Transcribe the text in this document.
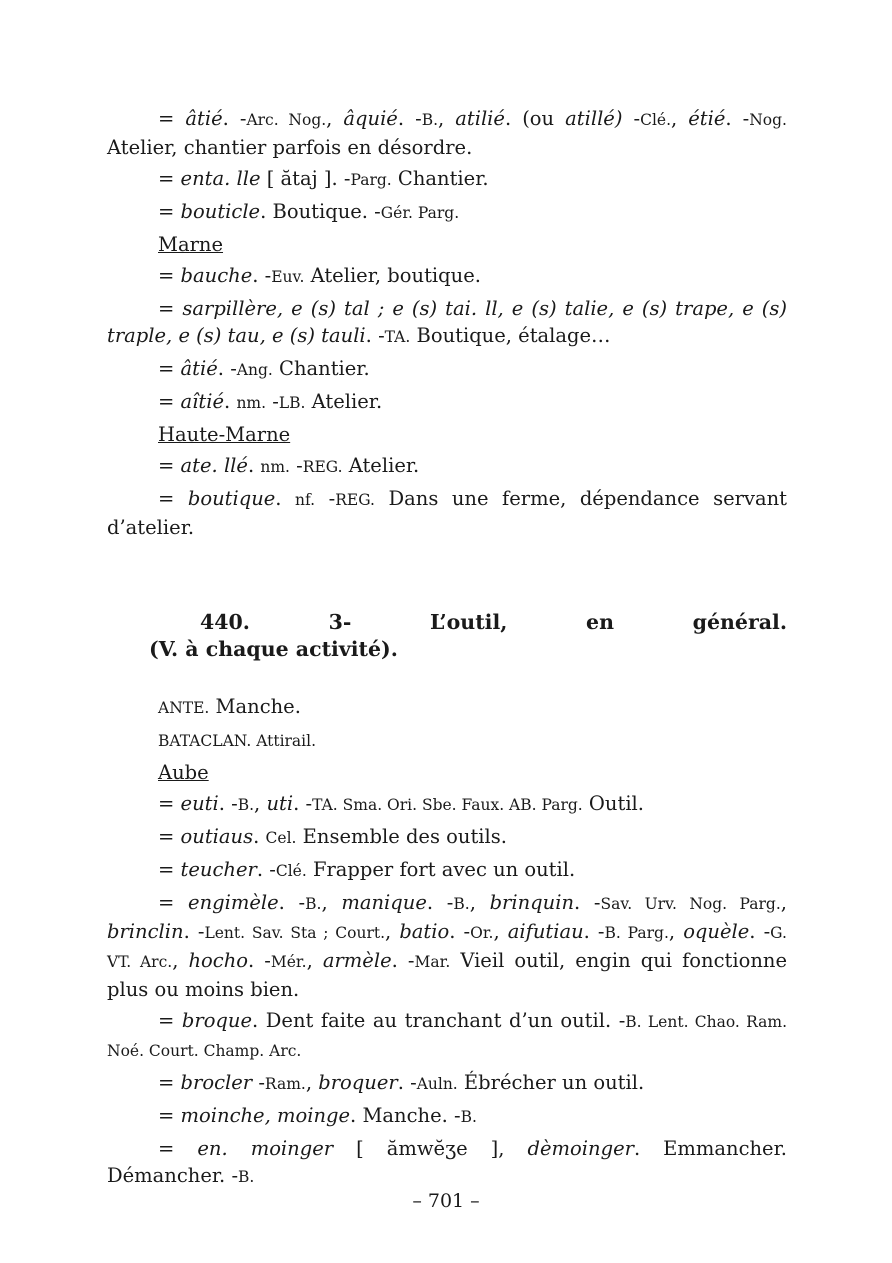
= âtié. -Arc. Nog., âquié. -B., atilié. (ou atillé) -Clé., étié. -Nog. Atelier, chantier parfois en désordre.

= enta. lle [ ătaj ]. -Parg. Chantier.

= bouticle. Boutique. -Gér. Parg.

Marne

= bauche. -Euv. Atelier, boutique.

= sarpillère, e (s) tal ; e (s) tai. ll, e (s) talie, e (s) trape, e (s) traple, e (s) tau, e (s) tauli. -TA. Boutique, étalage…

= âtié. -Ang. Chantier.

= aîtié. nm. -LB. Atelier.

Haute-Marne

= ate. llé. nm. -REG. Atelier.

= boutique. nf. -REG. Dans une ferme, dépendance servant d’atelier.

440.	3-	L’outil,	en	général.
(V. à chaque activité).

ANTE. Manche.

BATACLAN. Attirail.

Aube

= euti. -B., uti. -TA. Sma. Ori. Sbe. Faux. AB. Parg. Outil.

= outiaus. Cel. Ensemble des outils.

= teucher. -Clé. Frapper fort avec un outil.

= engimèle. -B., manique. -B., brinquin. -Sav. Urv. Nog. Parg., brinclin. -Lent. Sav. Sta ; Court., batio. -Or., aifutiau. -B. Parg., oquèle. -G. VT. Arc., hocho. -Mér., armèle. -Mar. Vieil outil, engin qui fonctionne plus ou moins bien.

= broque. Dent faite au tranchant d’un outil. -B. Lent. Chao. Ram. Noé. Court. Champ. Arc.

= brocler -Ram., broquer. -Auln. Ébrécher un outil.

= moinche, moinge. Manche. -B.

= en. moinger [ ămwĕʒe ], dèmoinger. Emmancher. Démancher. -B.

– 701 –
